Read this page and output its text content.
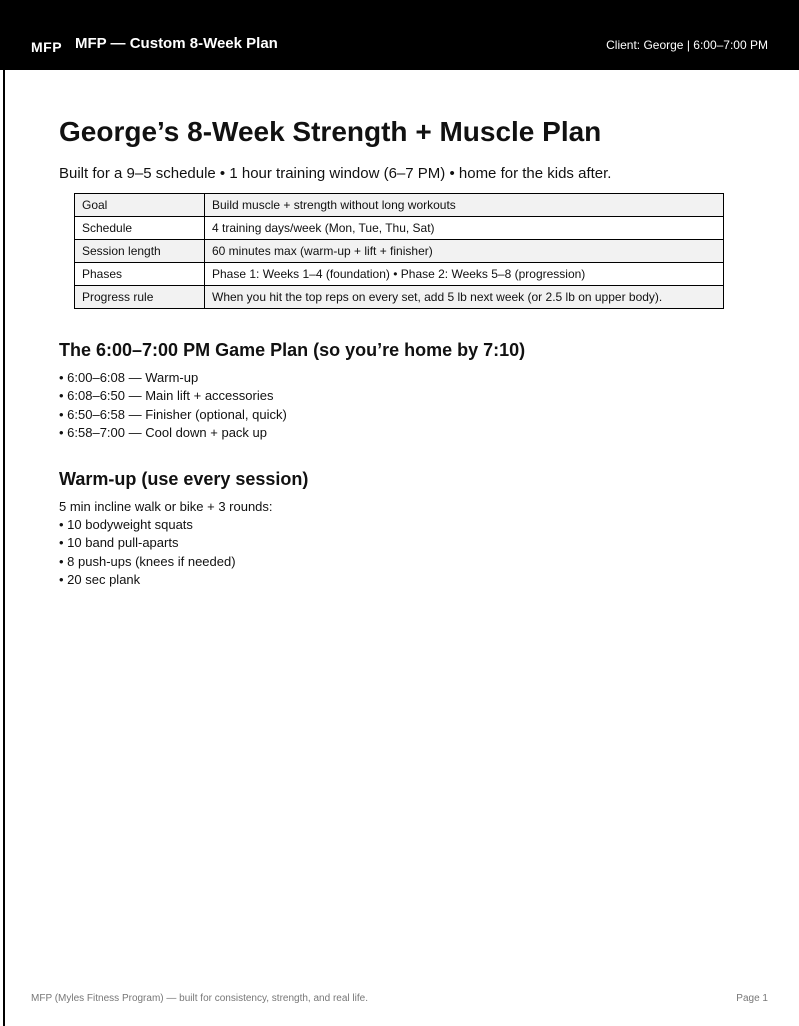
MFP MFP — Custom 8-Week Plan	Client: George | 6:00–7:00 PM
George’s 8-Week Strength + Muscle Plan

Built for a 9–5 schedule • 1 hour training window (6–7 PM) • home for the kids after.

Goal	Build muscle + strength without long workouts
Schedule	4 training days/week (Mon, Tue, Thu, Sat)
Session length	60 minutes max (warm-up + lift + finisher)
Phases	Phase 1: Weeks 1–4 (foundation) • Phase 2: Weeks 5–8 (progression)
Progress rule	When you hit the top reps on every set, add 5 lb next week (or 2.5 lb on upper body).
The 6:00–7:00 PM Game Plan (so you’re home by 7:10)
• 6:00–6:08 — Warm-up
• 6:08–6:50 — Main lift + accessories
• 6:50–6:58 — Finisher (optional, quick)
• 6:58–7:00 — Cool down + pack up
Warm-up (use every session)

5 min incline walk or bike + 3 rounds:

• 10 bodyweight squats
• 10 band pull-aparts
• 8 push-ups (knees if needed)
• 20 sec plank
MFP (Myles Fitness Program) — built for consistency, strength, and real life.	Page 1
